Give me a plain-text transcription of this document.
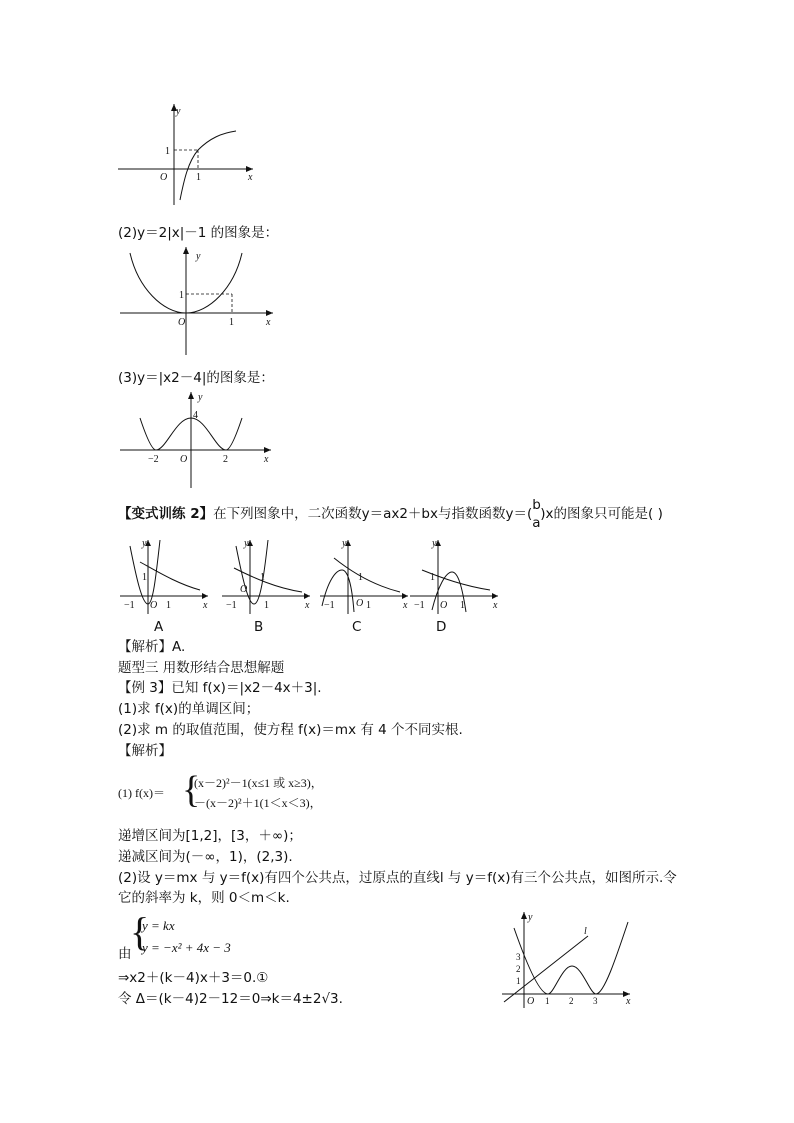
y
O	x
1
1
(2)y＝2|x|－1 的图象是：
y
O	x
1
1
(3)y＝|x2－4|的图象是：
y
4
O
−2	2	x
【变式训练 2】在下列图象中，二次函数y＝ax2＋bx与指数函数y＝(
b
a
)x的图象只可能是( )
y
x
O
−1
1
1
A
y
x
O
−1
1
1
B
y
x
O
−1
1
1
C
y
x
O
−1
1
1
D
【解析】A.
题型三 用数形结合思想解题
【例 3】已知 f(x)＝|x2－4x＋3|.
(1)求 f(x)的单调区间；
(2)求 m 的取值范围，使方程 f(x)＝mx 有 4 个不同实根.
【解析】
(1) f(x)＝ {
(x－2)²－1(x≤1 或 x≥3)，
－(x－2)²＋1(1＜x＜3)，
递增区间为[1,2]，[3，＋∞)；
递减区间为(－∞，1)，(2,3).
(2)设 y＝mx 与 y＝f(x)有四个公共点，过原点的直线l 与 y＝f(x)有三个公共点，如图所示.令
它的斜率为 k，则 0＜m＜k.
{
y = kx
y = −x² + 4x − 3
由
⇒x2＋(k－4)x＋3＝0.①
令 Δ＝(k－4)2－12＝0⇒k＝4±2√3.
y
x
O
l
3
2
1
1 2 3
